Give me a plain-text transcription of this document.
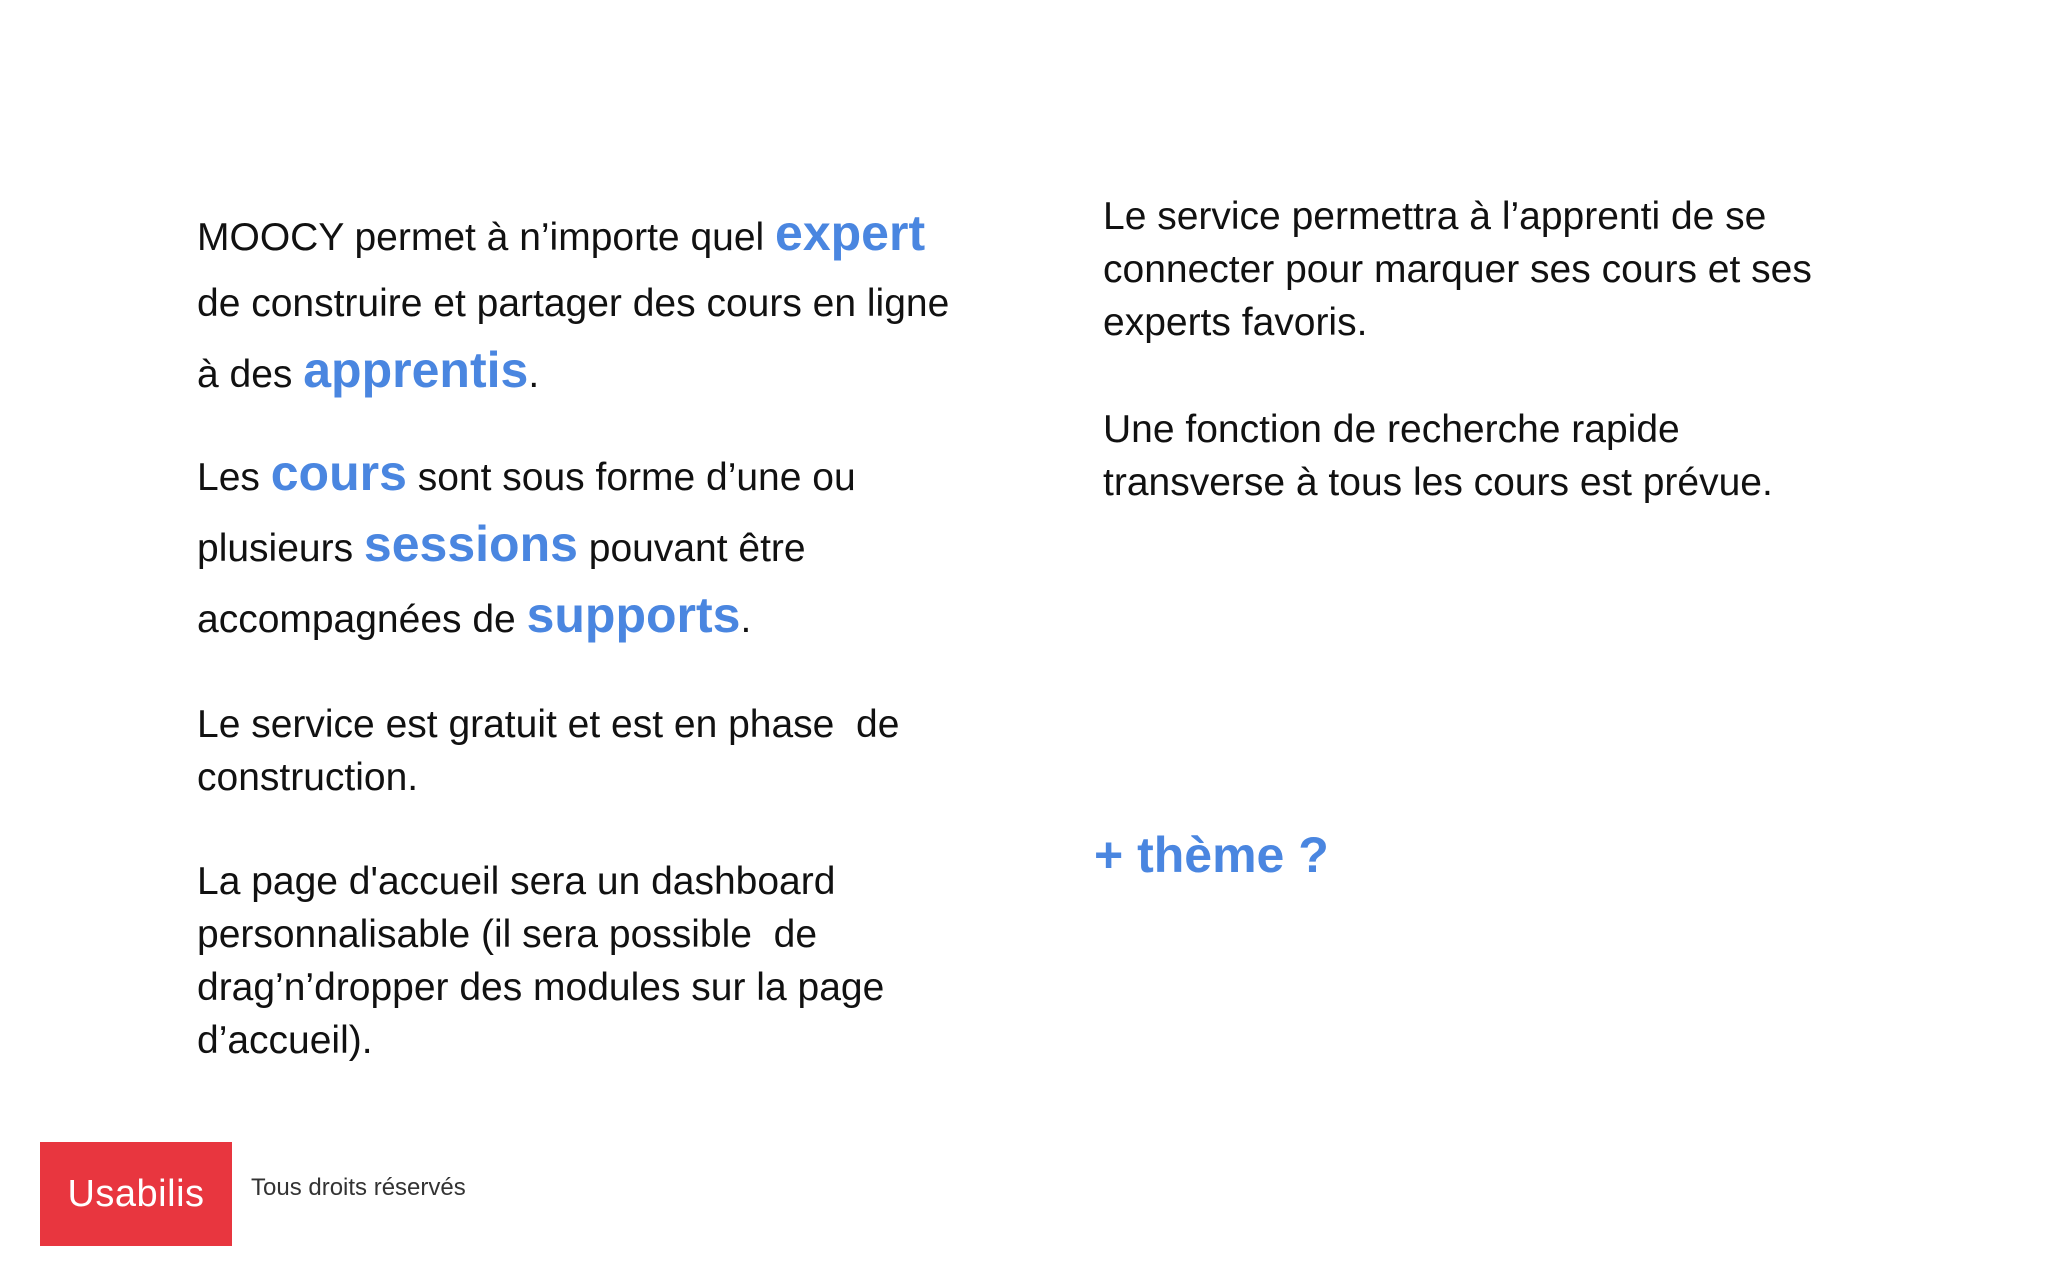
MOOCY permet à n’importe quel expert
de construire et partager des cours en ligne
à des apprentis.

Les cours sont sous forme d’une ou
plusieurs sessions pouvant être
accompagnées de supports.

Le service est gratuit et est en phase  de
construction.

La page d'accueil sera un dashboard
personnalisable (il sera possible  de
drag’n’dropper des modules sur la page
d’accueil).

Le service permettra à l’apprenti de se
connecter pour marquer ses cours et ses
experts favoris.

Une fonction de recherche rapide
transverse à tous les cours est prévue.

+ thème ?

Usabilis Tous droits réservés
